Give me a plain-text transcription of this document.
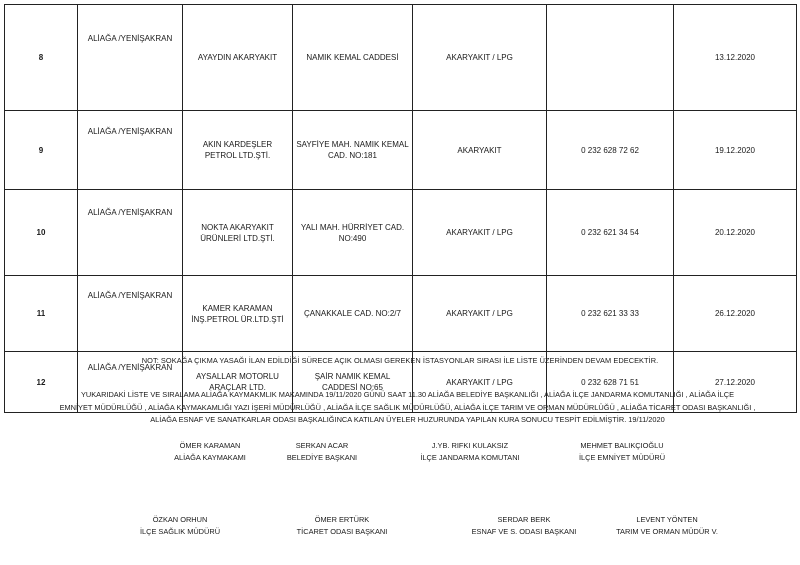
8	ALİAĞA /YENİŞAKRAN	AYAYDIN AKARYAKIT	NAMIK KEMAL CADDESİ	AKARYAKIT / LPG		13.12.2020
9	ALİAĞA /YENİŞAKRAN	AKIN KARDEŞLER PETROL LTD.ŞTİ.	SAYFİYE MAH. NAMIK KEMAL CAD. NO:181	AKARYAKIT	0 232 628 72 62	19.12.2020
10	ALİAĞA /YENİŞAKRAN	NOKTA AKARYAKIT ÜRÜNLERİ LTD.ŞTİ.	YALI MAH. HÜRRİYET CAD. NO:490	AKARYAKIT / LPG	0 232 621 34 54	20.12.2020
11	ALİAĞA /YENİŞAKRAN	KAMER KARAMAN İNŞ.PETROL ÜR.LTD.ŞTİ	ÇANAKKALE CAD. NO:2/7	AKARYAKIT / LPG	0 232 621 33 33	26.12.2020
12	ALİAĞA /YENİŞAKRAN	AYSALLAR MOTORLU ARAÇLAR LTD.	ŞAİR NAMIK KEMAL CADDESİ NO:65	AKARYAKIT / LPG	0 232 628 71 51	27.12.2020
NOT: SOKAĞA ÇIKMA YASAĞI İLAN EDİLDİĞİ SÜRECE AÇIK OLMASI GEREKEN İSTASYONLAR SIRASI İLE LİSTE ÜZERİNDEN DEVAM EDECEKTİR.
YUKARIDAKİ LİSTE VE SIRALAMA ALİAĞA KAYMAKMLIK MAKAMINDA 19/11/2020 GÜNÜ SAAT 11.30 ALİAĞA BELEDİYE BAŞKANLIĞI , ALİAĞA İLÇE JANDARMA KOMUTANLIĞI , ALİAĞA İLÇE
EMNİYET MÜDÜRLÜĞÜ , ALİAĞA KAYMAKAMLIĞI YAZI İŞERİ MÜDÜRLÜĞÜ , ALİAĞA İLÇE SAĞLIK MÜDÜRLÜĞÜ, ALİAĞA İLÇE TARIM VE ORMAN MÜDÜRLÜĞÜ , ALİAĞA TİCARET ODASI BAŞKANLIĞI ,
ALİAĞA ESNAF VE SANATKARLAR ODASI BAŞKALIĞINCA KATILAN ÜYELER HUZURUNDA YAPILAN KURA SONUCU TESPİT EDİLMİŞTİR. 19/11/2020
ÖMER KARAMAN
ALİAĞA KAYMAKAMI
SERKAN ACAR
BELEDİYE BAŞKANI
J.YB. RIFKI KULAKSIZ
İLÇE JANDARMA KOMUTANI
MEHMET BALIKÇIOĞLU
İLÇE EMNİYET MÜDÜRÜ
ÖZKAN ORHUN
İLÇE SAĞLIK MÜDÜRÜ
ÖMER ERTÜRK
TİCARET ODASI BAŞKANI
SERDAR BERK
ESNAF VE S. ODASI BAŞKANI
LEVENT YÖNTEN
TARIM VE ORMAN MÜDÜR V.
